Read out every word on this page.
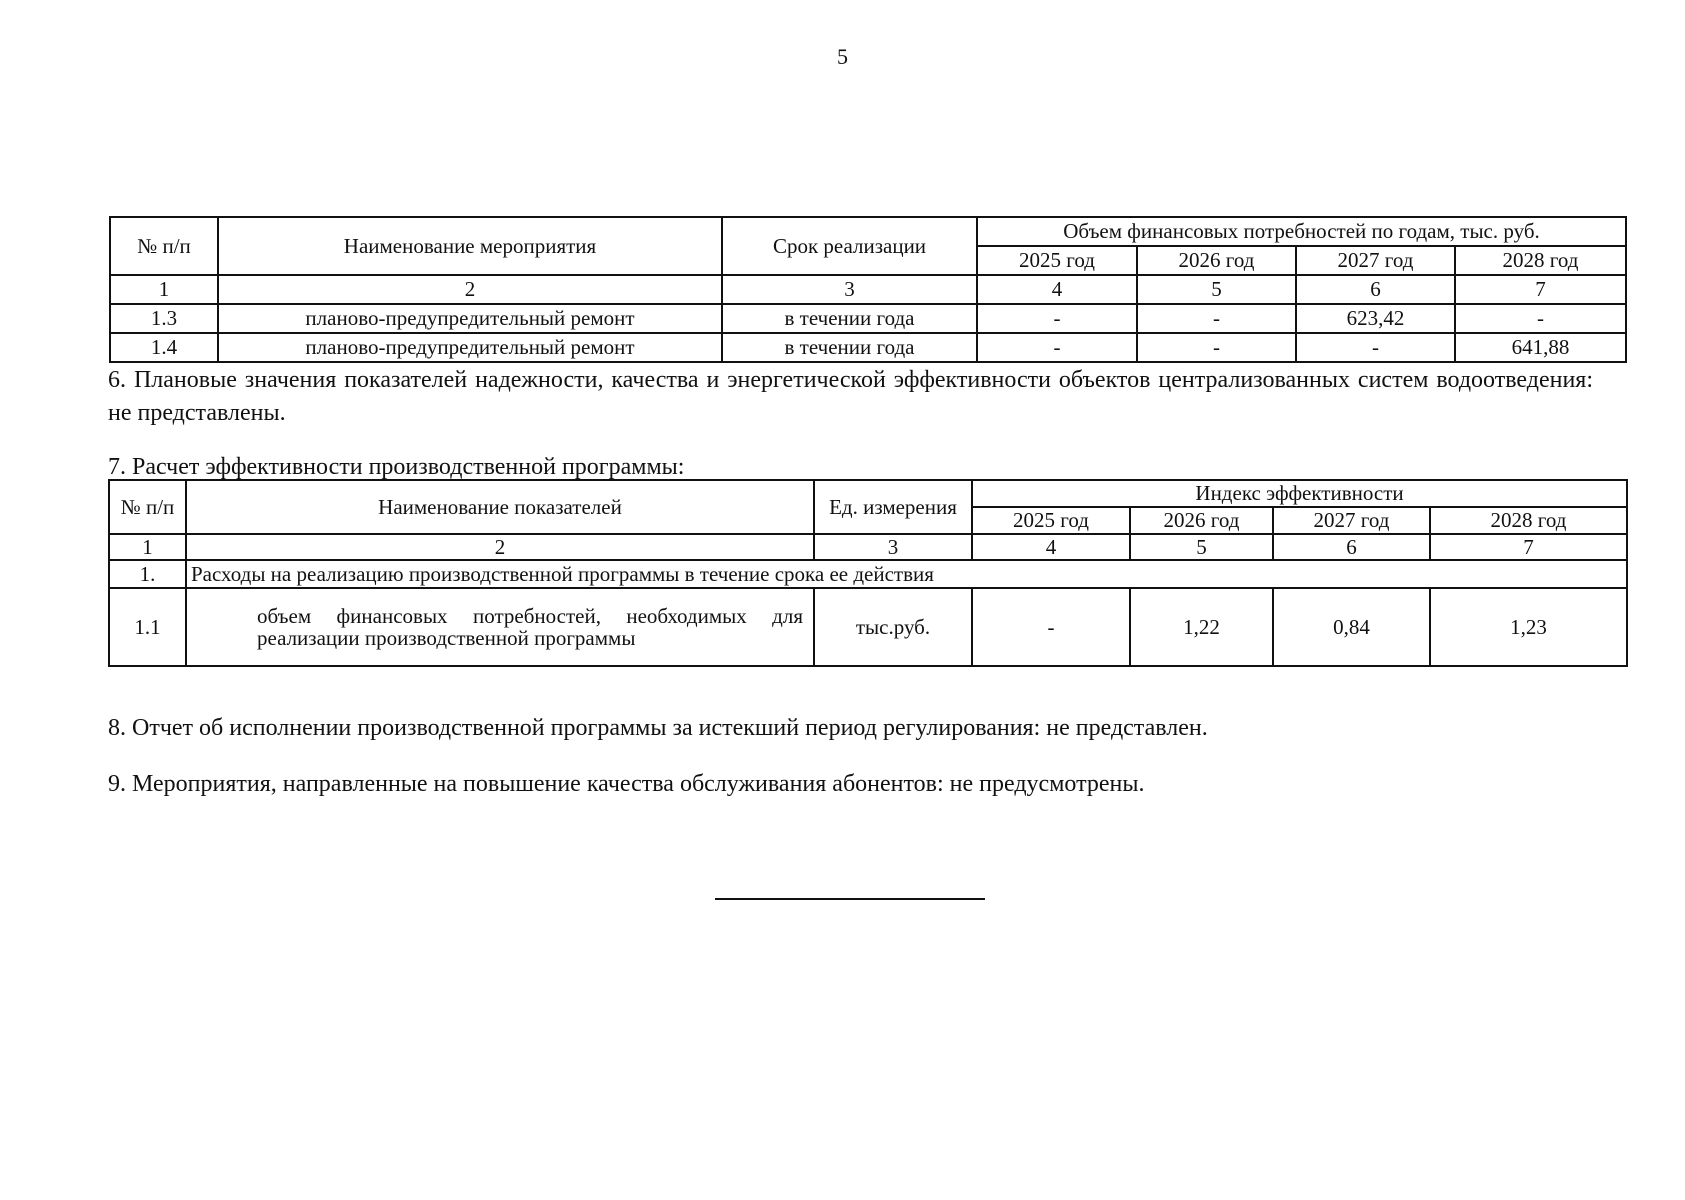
5
№ п/п	Наименование мероприятия	Срок реализации	Объем финансовых потребностей по годам, тыс. руб.			
			2025 год	2026 год	2027 год	2028 год
1	2	3	4	5	6	7
1.3	планово-предупредительный ремонт	в течении года	-	-	623,42	-
1.4	планово-предупредительный ремонт	в течении года	-	-	-	641,88
6. Плановые значения показателей надежности, качества и энергетической эффективности объектов централизованных систем водоотведения: не представлены.
7. Расчет эффективности производственной программы:
№ п/п	Наименование показателей	Ед. измерения	Индекс эффективности			
			2025 год	2026 год	2027 год	2028 год
1	2	3	4	5	6	7
1.	Расходы на реализацию производственной программы в течение срока ее действия					
1.1	объем финансовых потребностей, необходимых для реализации производственной программы	тыс.руб.	-	1,22	0,84	1,23
8. Отчет об исполнении производственной программы за истекший период регулирования: не представлен.
9. Мероприятия, направленные на повышение качества обслуживания абонентов: не предусмотрены.
